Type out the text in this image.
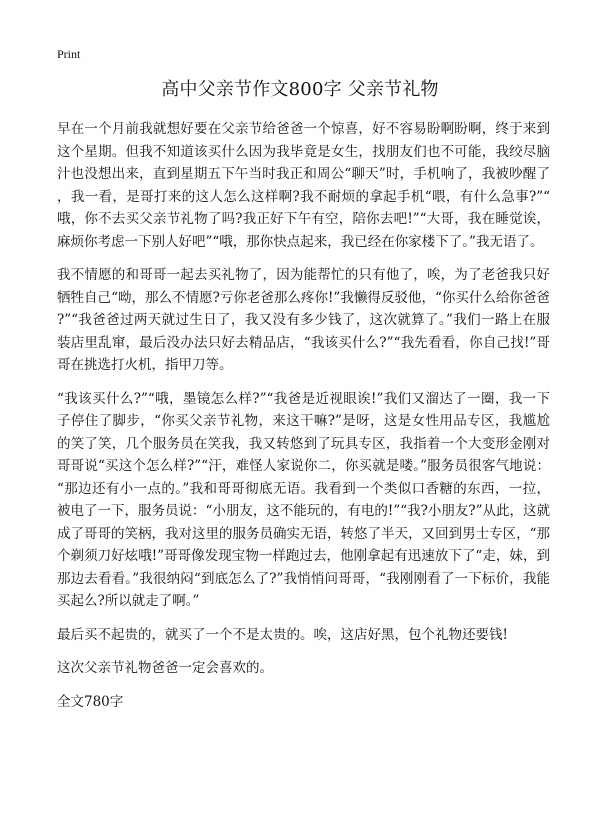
Print
高中父亲节作文800字 父亲节礼物

早在一个月前我就想好要在父亲节给爸爸一个惊喜，好不容易盼啊盼啊，终于来到这个星期。但我不知道该买什么因为我毕竟是女生，找朋友们也不可能，我绞尽脑汁也没想出来，直到星期五下午当时我正和周公“聊天”时，手机响了，我被吵醒了，我一看，是哥打来的这人怎么这样啊?我不耐烦的拿起手机“喂，有什么急事?”“哦，你不去买父亲节礼物了吗?我正好下午有空，陪你去吧!”“大哥，我在睡觉诶，麻烦你考虑一下别人好吧”“哦，那你快点起来，我已经在你家楼下了。”我无语了。

我不情愿的和哥哥一起去买礼物了，因为能帮忙的只有他了，唉，为了老爸我只好牺牲自己“呦，那么不情愿?亏你老爸那么疼你!”我懒得反驳他，“你买什么给你爸爸?”“我爸爸过两天就过生日了，我又没有多少钱了，这次就算了。”我们一路上在服装店里乱窜，最后没办法只好去精品店，“我该买什么?”“我先看看，你自己找!”哥哥在挑选打火机，指甲刀等。

“我该买什么?”“哦，墨镜怎么样?”“我爸是近视眼诶!”我们又溜达了一圈，我一下子停住了脚步，“你买父亲节礼物，来这干嘛?”是呀，这是女性用品专区，我尴尬的笑了笑，几个服务员在笑我，我又转悠到了玩具专区，我指着一个大变形金刚对哥哥说“买这个怎么样?”“汗，难怪人家说你二，你买就是喽。”服务员很客气地说：“那边还有小一点的。”我和哥哥彻底无语。我看到一个类似口香糖的东西，一拉，被电了一下，服务员说：“小朋友，这不能玩的，有电的!”“我?小朋友?”从此，这就成了哥哥的笑柄，我对这里的服务员确实无语，转悠了半天，又回到男士专区，“那个剃须刀好炫哦!”哥哥像发现宝物一样跑过去，他刚拿起有迅速放下了“走，妹，到那边去看看。”我很纳闷“到底怎么了?”我悄悄问哥哥，“我刚刚看了一下标价，我能买起么?所以就走了啊。”

最后买不起贵的，就买了一个不是太贵的。唉，这店好黑，包个礼物还要钱!

这次父亲节礼物爸爸一定会喜欢的。

全文780字
